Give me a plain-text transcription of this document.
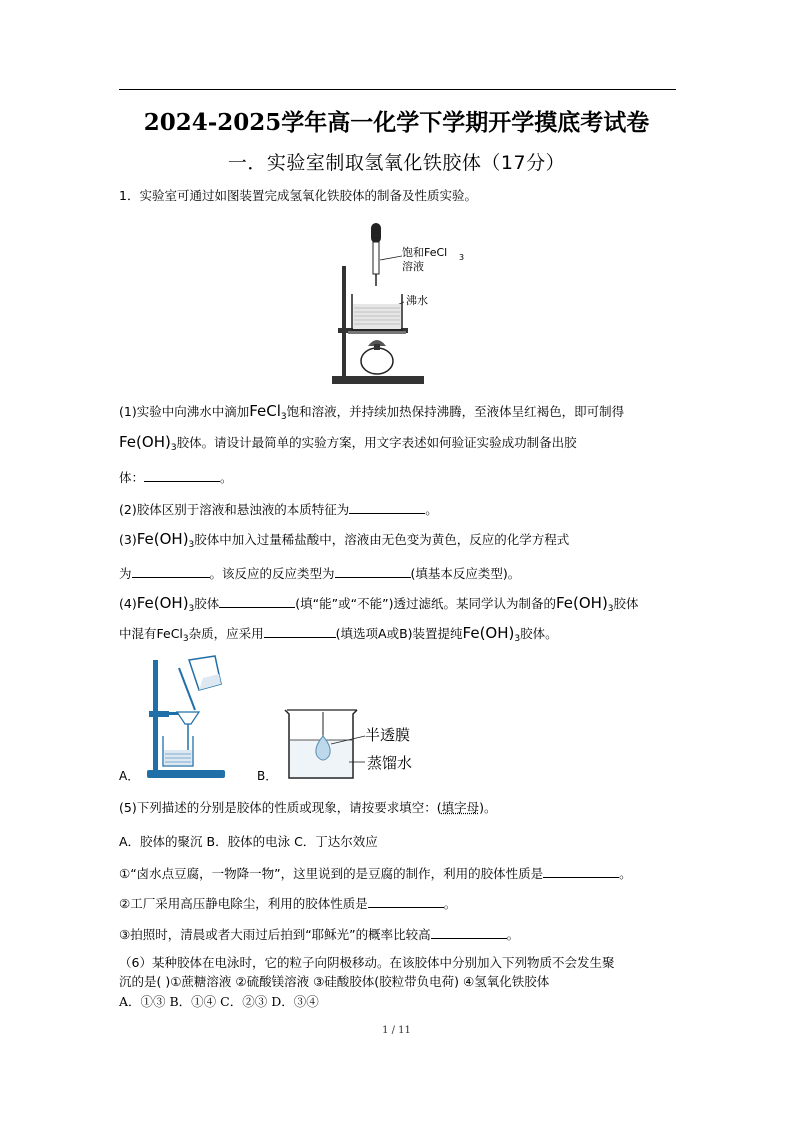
2024-2025学年高一化学下学期开学摸底考试卷
一．实验室制取氢氧化铁胶体（17分）
1．实验室可通过如图装置完成氢氧化铁胶体的制备及性质实验。
饱和FeCl 3
溶液
沸水
(1)实验中向沸水中滴加FeCl$_3$饱和溶液，并持续加热保持沸腾，至液体呈红褐色，即可制得
$Fe(OH)_3$胶体。请设计最简单的实验方案，用文字表述如何验证实验成功制备出胶
体：	。
(2)胶体区别于溶液和悬浊液的本质特征为	。
$(3)Fe(OH)_3$胶体中加入过量稀盐酸中，溶液由无色变为黄色，反应的化学方程式
为	。该反应的反应类型为	(填基本反应类型)。
$(4)Fe(OH)_3$胶体	(填“能”或“不能”)透过滤纸。某同学认为制备的$Fe(OH)_3$胶体
中混有FeCl$_3$杂质，应采用	(填选项A或B)装置提纯$Fe(OH)_3$胶体。
A．	B．
半透膜
蒸馏水
(5)下列描述的分别是胶体的性质或现象，请按要求填空：(填字母)。
A．胶体的聚沉 B．胶体的电泳 C．丁达尔效应
①“卤水点豆腐，一物降一物”，这里说到的是豆腐的制作，利用的胶体性质是	。
②工厂采用高压静电除尘，利用的胶体性质是	。
③拍照时，清晨或者大雨过后拍到“耶稣光”的概率比较高	。
（6）某种胶体在电泳时，它的粒子向阴极移动。在该胶体中分别加入下列物质不会发生聚
沉的是( )①蔗糖溶液 ②硫酸镁溶液 ③硅酸胶体(胶粒带负电荷) ④氢氧化铁胶体
A．①③ B．①④ C．②③ D．③④
1 / 11
